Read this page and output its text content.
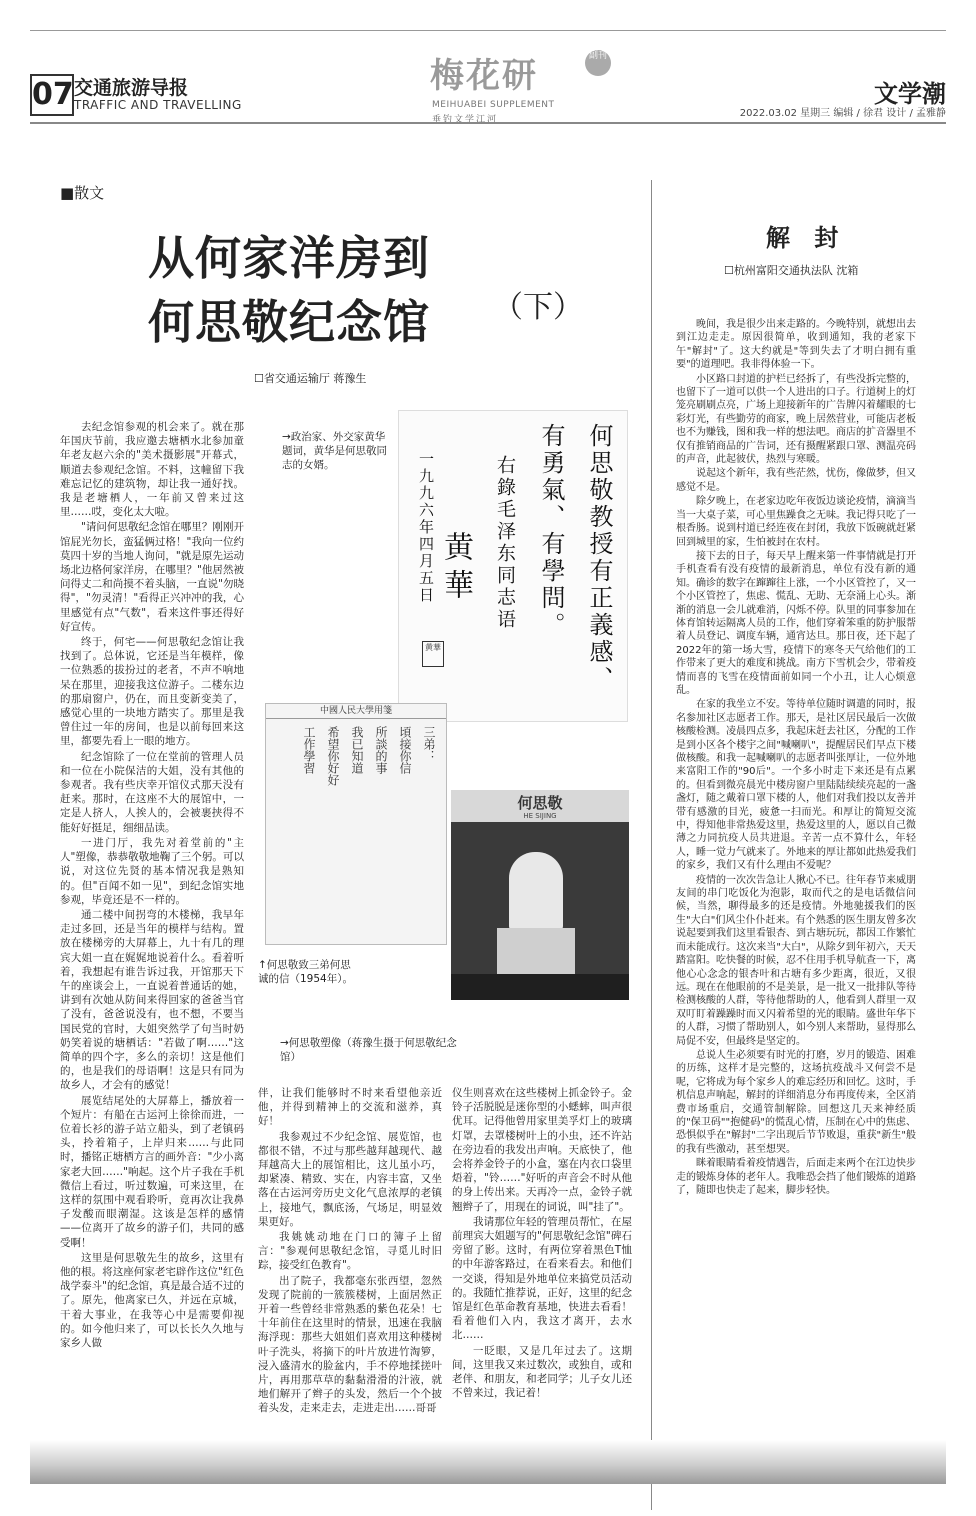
07 交通旅游导报
TRAFFIC AND TRAVELLING
梅花研	副刊
MEIHUABEI SUPPLEMENT
垂钓文学江河
文学潮
2022.03.02 星期三 编辑 / 徐君 设计 / 孟雅静
■散文
从何家洋房到
何思敬纪念馆 （下）
☐省交通运输厅 蒋豫生
何思敬教授有正義感、
有勇氣、有學問。
右錄毛泽东同志语
黄華
一九九六年四月五日
黄華
→政治家、外交家黄华题词，黄华是何思敬同志的女婿。
中國人民大學用箋
三弟：
頃接你信
所談的事
我已知道
希望你好好
工作學習
↑何思敬致三弟何思诚的信（1954年）。
何思敬
HE SIJING
→何思敬塑像（蒋豫生摄于何思敬纪念馆）

去纪念馆参观的机会来了。就在那年国庆节前，我应邀去塘栖水北参加童年老友赵六余的"美术摄影展"开幕式，顺道去参观纪念馆。不料，这幢留下我难忘记忆的建筑物，却让我一通好找。我是老塘栖人，一年前又曾来过这里……哎，变化太大啦。

"请问何思敬纪念馆在哪里？刚刚开馆屁光勿长，蛮猛俩过格！"我向一位约莫四十岁的当地人询问，"就是原先运动场北边格何家洋房，在哪里？"他居然被问得丈二和尚摸不着头脑，一直说"勿晓得"，"勿灵清！"看得正兴冲冲的我，心里感觉有点"气数"，看来这件事还得好好宣传。

终于，何宅——何思敬纪念馆让我找到了。总体说，它还是当年模样，像一位熟悉的拔扮过的老者，不声不响地呆在那里，迎接我这位游子。二楼东边的那扇窗户，仍在，而且变新变美了，感觉心里的一块地方踏实了。那里是我曾住过一年的房间，也是以前每回来这里，都要先看上一眼的地方。

纪念馆除了一位在堂前的管理人员和一位在小院保洁的大姐，没有其他的参观者。我有些庆幸开馆仪式那天没有赶来。那时，在这座不大的展馆中，一定是人挤人，人挨人的，会被裹挟得不能好好挺足，细细品读。

一进门厅，我先对着堂前的"主人"塑像，恭恭敬敬地鞠了三个躬。可以说，对这位先贤的基本情况我是熟知的。但"百闻不如一见"，到纪念馆实地参观，毕竟还是不一样的。

通二楼中间拐弯的木楼梯，我早年走过多回，还是当年的模样与结构。置放在楼梯旁的大屏幕上，九十有几的理宾大姐一直在娓娓地说着什么。看着听着，我想起有谁告诉过我，开馆那天下午的座谈会上，一直说着普通话的她，讲到有次她从防间来得回家的爸爸当官了没有，爸爸说没有，也不想，不要当国民党的官时，大姐突然学了句当时奶奶笑着说的塘栖话："若做了啊……"这简单的四个字，多么的亲切！这是他们的，也是我们的母语啊！这是只有同为故乡人，才会有的感觉！

展览结尾处的大屏幕上，播放着一个短片：有船在古运河上徐徐而进，一位着长衫的游子站立船头，到了老镇码头，拎着箱子，上岸归来……与此同时，播铭正塘栖方言的画外音："少小离家老大回……"响起。这个片子我在手机微信上看过，听过数遍，可来这里，在这样的氛围中观看聆听，竟再次让我鼻子发酸而眼潮湿。这该是怎样的感情——位离开了故乡的游子们，共同的感受啊！

这里是何思敬先生的故乡，这里有他的根。将这座何家老宅辟作这位"红色战学泰斗"的纪念馆，真是最合适不过的了。原先，他离家已久，并远在京城，干着大事业，在我等心中是需要仰视的。如今他归来了，可以长长久久地与家乡人做

伴，让我们能够时不时来看望他亲近他，并得到精神上的交流和滋养，真好！

我参观过不少纪念馆、展览馆，也都很不错，不过与那些越拜越现代、越拜越高大上的展馆相比，这儿虽小巧，却紧凑、精致、实在，内容丰富，又坐落在古运河旁历史文化气息浓厚的老镇上，接地气，飘底汤，气场足，明显效果更好。

我姚姚动地在门口的簿子上留言："参观何思敬纪念馆，寻觅儿时旧踪，接受红色教育"。

出了院子，我都毫东张西望，忽然发现了院前的一簇簇楼树，上面居然正开着一些曾经非常熟悉的紫色花朵！七十年前住在这里时的情景，迅速在我脑海浮现：那些大姐姐们喜欢用这种楼树叶子洗头，将摘下的叶片放进竹淘箩，浸入盛清水的脸盆内，手不停地揉搓叶片，再用那草草的黏黏滑滑的汁液，就地们解开了辫子的头发，然后一个个披着头发，走来走去，走进走出……哥哥

仪生则喜欢在这些楼树上抓金铃子。金铃子活脱脱是迷你型的小蟋蟀，叫声很优耳。记得他曾用家里美孚灯上的玻璃灯罩，去罩楼树叶上的小虫，还不许站在旁边看的我发出声响。天底快了，他会将养金铃子的小盒，塞在内衣口袋里焐着，"铃……"好听的声音会不时从他的身上传出来。天再冷一点，金铃子就翘辫子了，用现在的词说，叫"挂了"。

我请那位年轻的管理员帮忙，在屋前理宾大姐题写的"何思敬纪念馆"碑石旁留了影。这时，有两位穿着黑色T恤的中年游客路过，在看来看去。和他们一交谈，得知是外地单位来搞党员活动的。我随忙推荐说，正好，这里的纪念馆是红色革命教育基地，快进去看看！看着他们入内，我这才离开，去水北……

一眨眼，又是几年过去了。这期间，这里我又来过数次，或独自，或和老伴、和朋友，和老同学；儿子女儿还不曾来过，我记着！

解 封
☐杭州富阳交通执法队 沈箱

晚间，我是很少出来走路的。今晚特别，就想出去到江边走走。原因很简单，收到通知，我的老家下午"解封"了。这大约就是"等到失去了才明白拥有重要"的道理吧。我非得体验一下。

小区路口封道的护栏已经拆了，有些没拆完整的，也留下了一道可以供一个人进出的口子。行道树上的灯笼亮刷刷点亮，广场上迎接新年的广告牌闪着耀眼的七彩灯光，有些勤劳的商家，晚上居然营业，可能店老板也不为赚钱，图和我一样的想法吧。商店的扩音器里不仅有推销商品的广告词，还有摄醒紧跟口罩、测温亮码的声音，此起彼伏，热烈与寒暖。

说起这个新年，我有些茫然，忧伤，像做梦，但又感觉不是。

除夕晚上，在老家边吃年夜饭边谈论疫情，滴滴当当一大桌子菜，可心里焦躁食之无味。我记得只吃了一根香肠。说到村道已经连夜在封闭，我放下饭碗就赶紧回到城里的家，生怕被封在农村。

接下去的日子，每天早上醒来第一件事情就是打开手机查看有没有疫情的最新消息，单位有没有新的通知。确诊的数字在蹿蹿往上涨，一个小区管控了，又一个小区管控了，焦虑、慌乱、无助、无奈涌上心头。渐渐的消息一会儿就难消，闪烁不停。队里的同事参加在体育馆转运隔离人员的工作，他们穿着笨重的防护服帮着人员登记、调度车辆，通宵达旦。那日夜，还下起了2022年的第一场大雪，疫情下的寒冬天气给他们的工作带来了更大的难度和挑战。南方下雪机会少，带着疫情而喜的飞雪在疫情面前如同一个小丑，让人心烦意乱。

在家的我坐立不安。等待单位随时调遣的同时，报名参加社区志愿者工作。那天，是社区居民最后一次做核酸检测。凌晨四点多，我起床赶去社区，分配的工作是到小区各个楼宇之间"喊喇叭"，提醒居民们早点下楼做核酸。和我一起喊喇叭的志愿者叫张厚让，一位外地来富阳工作的"90后"。一个多小时走下来还是有点累的。但看到微亮晨光中楼房窗户里陆陆续续亮起的一盏盏灯，随之戴着口罩下楼的人，他们对我们投以友善并带有感激的目光，疲惫一扫而光。和厚让的简短交流中，得知他非常热爱这里，热爱这里的人，愿以自己微薄之力同抗疫人员共进退。辛苦一点不算什么，年轻人，睡一觉力气就来了。外地来的厚让都如此热爱我们的家乡，我们又有什么理由不爱呢？

疫情的一次次告急让人揪心不已。往年春节来威朋友间的串门吃饭化为泡影，取而代之的是电话微信问候，当然，聊得最多的还是疫情。外地驰援我们的医生"大白"们风尘仆仆赶来。有个熟悉的医生朋友曾多次说起要到我们这里看银杏、到古塘玩玩，都因工作繁忙而未能成行。这次来当"大白"，从除夕到年初六，天天踏富阳。吃快餐的时候，忍不住用手机导航查一下，离他心心念念的银杏叶和古塘有多少距离，很近，又很远。现在在他眼前的不是美景，是一批又一批排队等待检测核酸的人群，等待他帮助的人，他看到人群里一双双叮盯着躁躁时而又闪着希望的光的眼睛。盛世年华下的人群，习惯了帮助别人，如今别人来帮助，显得那么局促不安，但最终是坚定的。

总说人生必须要有时光的打磨，岁月的锻造、困难的历练，这样才是完整的，这场抗疫战斗又何尝不是呢，它将成为每个家乡人的难忘经历和回忆。这时，手机信息声响起，解封的详细消息分布再度传来，全区消费市场重启，交通管制解除。回想这几天来神经质的"保卫码""抱健码"的慌乱心情，压制在心中的焦虑、恐惧似乎在"解封"二字出现后节节败退，重获"新生"般的我有些激动，甚至想哭。

眯着眼睛看着疫情遇告，后面走来两个在江边快步走的锻炼身体的老年人。我唯恐会挡了他们锻炼的道路了，随即也快走了起来，脚步轻快。
